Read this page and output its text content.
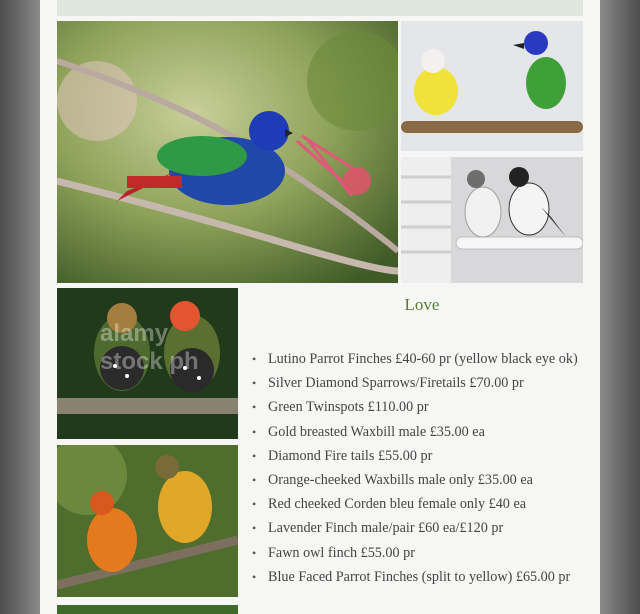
alamy
stock ph
Love
• Lutino Parrot Finches £40-60 pr (yellow black eye ok)
• Silver Diamond Sparrows/Firetails £70.00 pr
• Green Twinspots £110.00 pr
• Gold breasted Waxbill male £35.00 ea
• Diamond Fire tails £55.00 pr
• Orange-cheeked Waxbills male only £35.00 ea
• Red cheeked Corden bleu female only £40 ea
• Lavender Finch male/pair £60 ea/£120 pr
• Fawn owl finch £55.00 pr
• Blue Faced Parrot Finches (split to yellow) £65.00 pr
